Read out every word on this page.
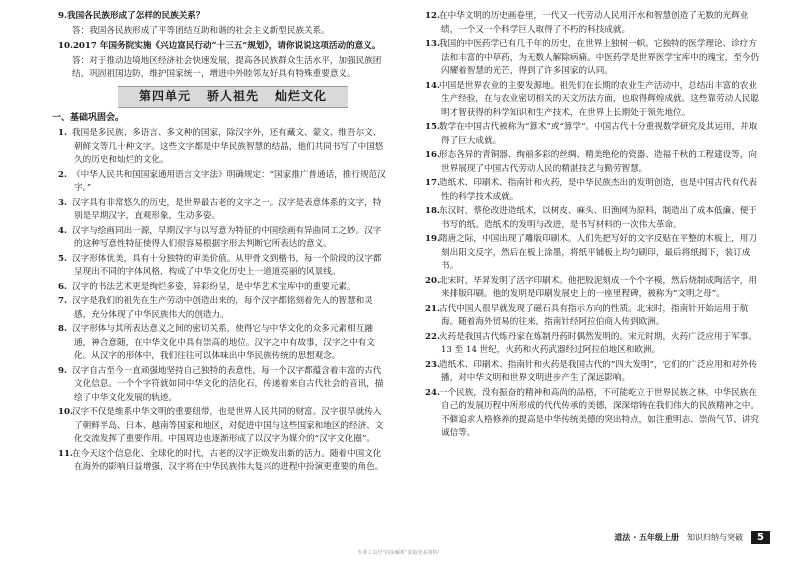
9.我国各民族形成了怎样的民族关系？
答：我国各民族形成了平等团结互助和谐的社会主义新型民族关系。
10.2017 年国务院实施《兴边富民行动“十三五”规划》，请你说说这项活动的意义。
答：对于推动边境地区经济社会快速发展，提高各民族群众生活水平，加强民族团结，巩固祖国边防，维护国家统一，增进中外睦邻友好具有特殊重要意义。
第四单元 骄人祖先 灿烂文化
一、基础巩固会。
1. 我国是多民族、多语言、多文种的国家，除汉字外，还有藏文、蒙文、维吾尔文、朝鲜文等几十种文字。这些文字都是中华民族智慧的结晶，他们共同书写了中国悠久的历史和灿烂的文化。
2. 《中华人民共和国国家通用语言文字法》明确规定：“国家推广普通话，推行规范汉字。”
3. 汉字具有非常悠久的历史，是世界最古老的文字之一。汉字是表意体系的文字，特别是早期汉字，直观形象，生动多姿。
4. 汉字与绘画同出一源，早期汉字与以写意为特征的中国绘画有异曲同工之妙。汉字的这种写意性特征使得人们很容易根据字形去判断它所表达的意义。
5. 汉字形体优美，具有十分独特的审美价值。从甲骨文到楷书，每一个阶段的汉字都呈现出不同的字体风格，构成了中华文化历史上一道道亮丽的风景线。
6. 汉字的书法艺术更是绚烂多姿，异彩纷呈，是中华艺术宝库中的重要元素。
7. 汉字是我们的祖先在生产劳动中创造出来的，每个汉字都铭刻着先人的智慧和灵感，充分体现了中华民族伟大的创造力。
8. 汉字形体与其所表达意义之间的密切关系，使得它与中华文化的众多元素相互融通，神合意随，在中华文化中具有崇高的地位。汉字之中有故事，汉字之中有文化。从汉字的形体中，我们往往可以体味出中华民族传统的思想观念。
9. 汉字自古至今一直顽强地坚持自己独特的表意性，每一个汉字都蕴含着丰富的古代文化信息。一个个字符就如同中华文化的活化石，传递着来自古代社会的音讯，描绘了中华文化发展的轨迹。
10.汉字不仅是维系中华文明的重要纽带，也是世界人民共同的财富。汉字很早就传入了朝鲜半岛、日本、越南等国家和地区，对促进中国与这些国家和地区的经济、文化交流发挥了重要作用。中国周边也逐渐形成了以汉字为媒介的“汉字文化圈”。
11.在今天这个信息化、全球化的时代，古老的汉字正焕发出新的活力。随着中国文化在海外的影响日益增强，汉字将在中华民族伟大复兴的进程中扮演更重要的角色。
12.在中华文明的历史画卷里，一代又一代劳动人民用汗水和智慧创造了无数的光辉业绩，一个又一个科学巨人取得了不朽的科技成就。
13.我国的中医药学已有几千年的历史，在世界上独树一帜。它独特的医学理论、诊疗方法和丰富的中草药，为无数人解除病痛。中医药学是世界医学宝库中的瑰宝，至今仍闪耀着智慧的光芒，得到了许多国家的认同。
14.中国是世界农业的主要发源地。祖先们在长期的农业生产活动中，总结出丰富的农业生产经验，在与农业密切相关的天文历法方面，也取得辉煌成就。这些靠劳动人民聪明才智获得的科学知识和生产技术，在世界上长期处于领先地位。
15.数学在中国古代被称为“算术”或“算学”。中国古代十分重视数学研究及其运用，并取得了巨大成就。
16.形态各异的青铜器、绚丽多彩的丝绸、精美绝伦的瓷器、造福千秋的工程建设等，向世界展现了中国古代劳动人民的精湛技艺与勤劳智慧。
17.造纸术、印刷术、指南针和火药，是中华民族杰出的发明创造，也是中国古代有代表性的科学技术成就。
18.东汉时，蔡伦改进造纸术，以树皮、麻头、旧渔网为原料，制造出了成本低廉、便于书写的纸。造纸术的发明与改进，是书写材料的一次伟大革命。
19.隋唐之际，中国出现了雕版印刷术。人们先把写好的文字反贴在平整的木板上，用刀刻出阳文反字，然后在板上涂墨，将纸平铺板上均匀刷印，最后将纸揭下，装订成书。
20.北宋时，毕昇发明了活字印刷术。他把胶泥刻成一个个字模，然后烧制成陶活字，用来排版印刷。他的发明是印刷发展史上的一座里程碑，被称为“文明之母”。
21.古代中国人很早就发现了磁石具有指示方向的性质。北宋时，指南针开始运用于航海。随着海外贸易的往来，指南针经阿拉伯商人传到欧洲。
22.火药是我国古代炼丹家在炼制丹药时偶然发明的。宋元时期，火药广泛应用于军事。13 至 14 世纪，火药和火药武器经过阿拉伯地区和欧洲。
23.造纸术、印刷术、指南针和火药是我国古代的“四大发明”，它们的广泛应用和对外传播，对中华文明和世界文明进步产生了深远影响。
24.一个民族，没有振奋的精神和高尚的品格，不可能屹立于世界民族之林。中华民族在自己的发展历程中所形成的代代传承的美德，深深熔铸在我们伟大的民族精神之中。不僻追求人格修养的提高是中华传统美德的突出特点，如注重明志、崇尚气节、讲究诚信等。
道法 · 五年级上册 知识归纳与突破	5
专业工具号“同步解析”获取更多资料！
